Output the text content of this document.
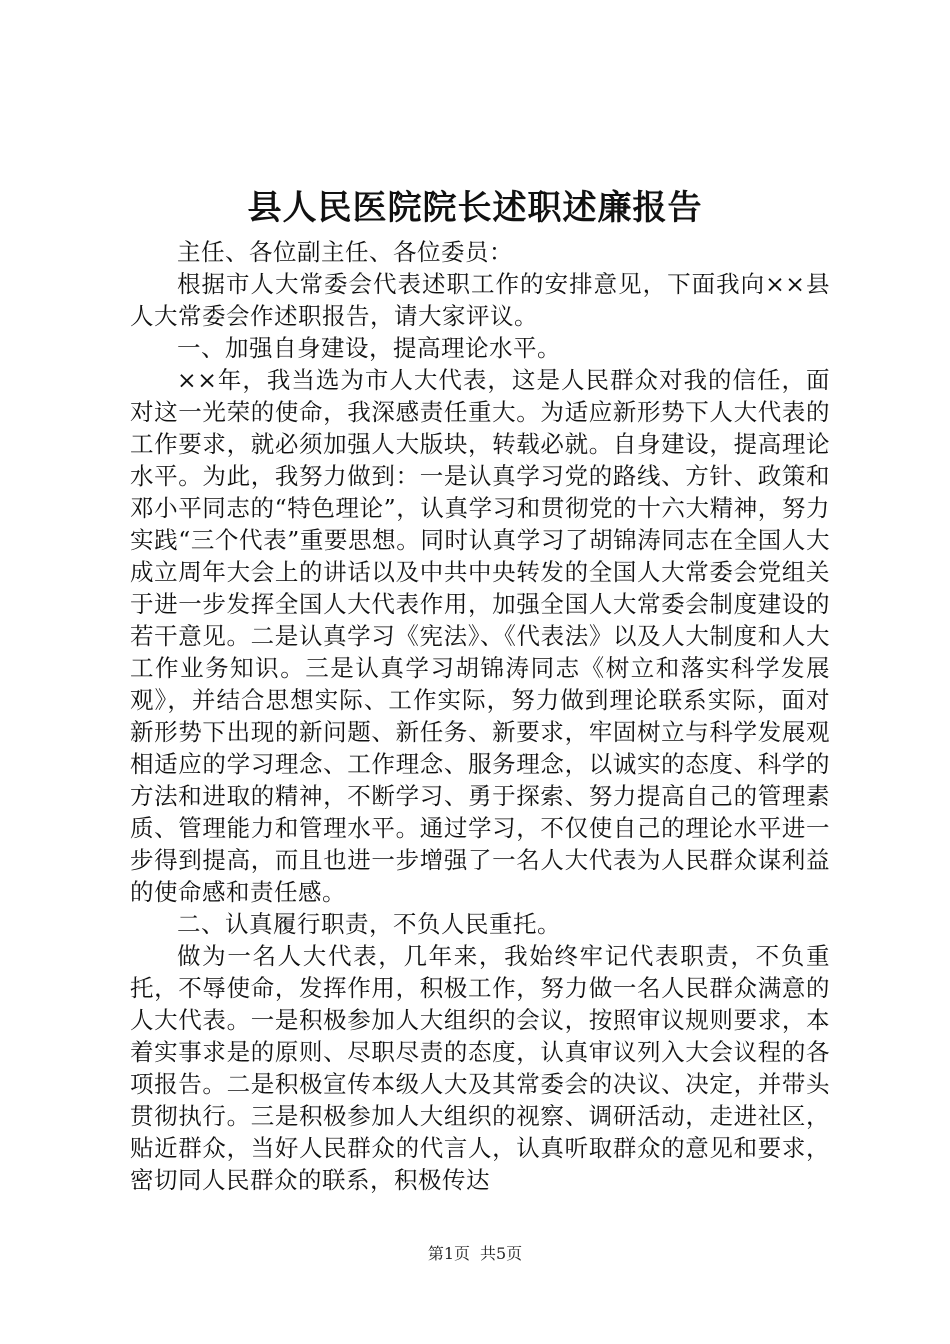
县人民医院院长述职述廉报告

主任、各位副主任、各位委员：

根据市人大常委会代表述职工作的安排意见，下面我向××县人大常委会作述职报告，请大家评议。

一、加强自身建设，提高理论水平。

××年，我当选为市人大代表，这是人民群众对我的信任，面对这一光荣的使命，我深感责任重大。为适应新形势下人大代表的工作要求，就必须加强人大版块，转载必就。自身建设，提高理论水平。为此，我努力做到：一是认真学习党的路线、方针、政策和邓小平同志的“特色理论”，认真学习和贯彻党的十六大精神，努力实践“三个代表”重要思想。同时认真学习了胡锦涛同志在全国人大成立周年大会上的讲话以及中共中央转发的全国人大常委会党组关于进一步发挥全国人大代表作用，加强全国人大常委会制度建设的若干意见。二是认真学习《宪法》、《代表法》以及人大制度和人大工作业务知识。三是认真学习胡锦涛同志《树立和落实科学发展观》，并结合思想实际、工作实际，努力做到理论联系实际，面对新形势下出现的新问题、新任务、新要求，牢固树立与科学发展观相适应的学习理念、工作理念、服务理念，以诚实的态度、科学的方法和进取的精神，不断学习、勇于探索、努力提高自己的管理素质、管理能力和管理水平。通过学习，不仅使自己的理论水平进一步得到提高，而且也进一步增强了一名人大代表为人民群众谋利益的使命感和责任感。

二、认真履行职责，不负人民重托。

做为一名人大代表，几年来，我始终牢记代表职责，不负重托，不辱使命，发挥作用，积极工作，努力做一名人民群众满意的人大代表。一是积极参加人大组织的会议，按照审议规则要求，本着实事求是的原则、尽职尽责的态度，认真审议列入大会议程的各项报告。二是积极宣传本级人大及其常委会的决议、决定，并带头贯彻执行。三是积极参加人大组织的视察、调研活动，走进社区，贴近群众，当好人民群众的代言人，认真听取群众的意见和要求，密切同人民群众的联系，积极传达

第1页 共5页
